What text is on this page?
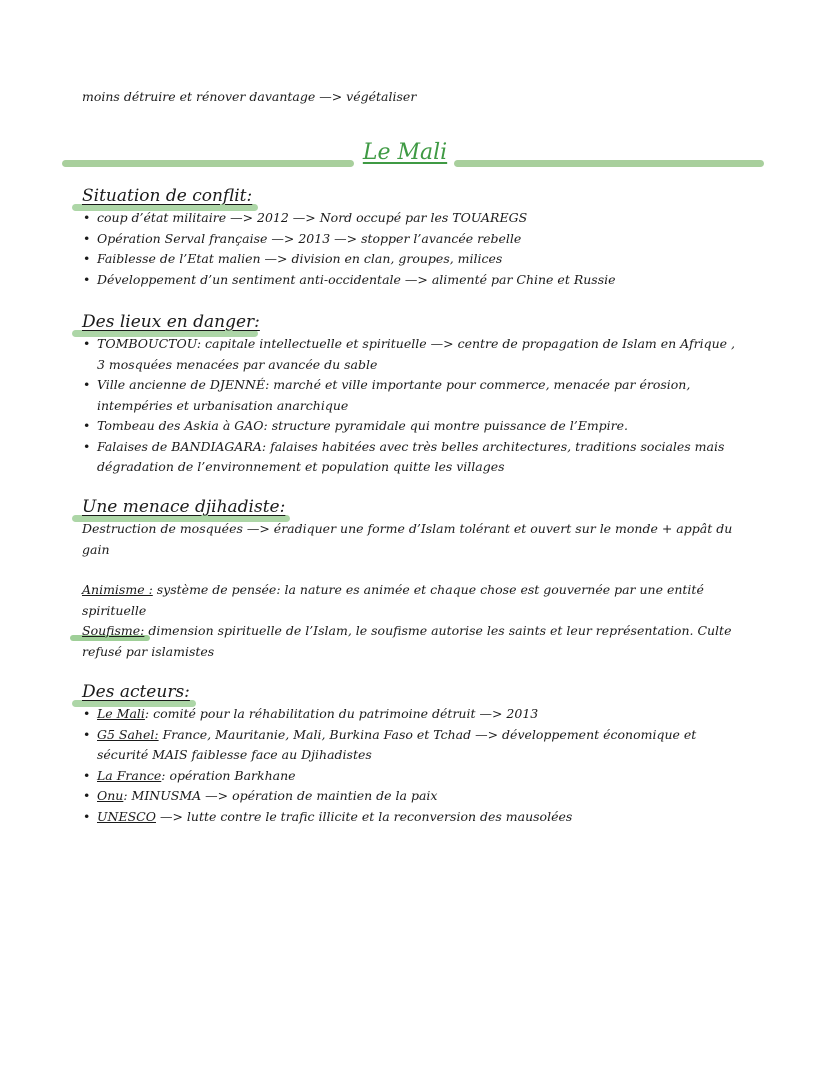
moins détruire et rénover davantage —> végétaliser
Le Mali
Situation de conflit:
• coup d’état militaire —> 2012 —> Nord occupé par les TOUAREGS
• Opération Serval française —> 2013 —> stopper l’avancée rebelle
• Faiblesse de l’Etat malien —> division en clan, groupes, milices
• Développement d’un sentiment anti-occidentale —> alimenté par Chine et Russie
Des lieux en danger:
• TOMBOUCTOU: capitale intellectuelle et spirituelle —> centre de propagation de Islam en Afrique ,
3 mosquées menacées par avancée du sable
• Ville ancienne de DJENNÉ: marché et ville importante pour commerce, menacée par érosion,
intempéries et urbanisation anarchique
• Tombeau des Askia à GAO: structure pyramidale qui montre puissance de l’Empire.
• Falaises de BANDIAGARA: falaises habitées avec très belles architectures, traditions sociales mais
dégradation de l’environnement et population quitte les villages
Une menace djihadiste:
Destruction de mosquées —> éradiquer une forme d’Islam tolérant et ouvert sur le monde + appât du
gain
Animisme : système de pensée: la nature es animée et chaque chose est gouvernée par une entité
spirituelle
Soufisme: dimension spirituelle de l’Islam, le soufisme autorise les saints et leur représentation. Culte
refusé par islamistes
Des acteurs:
• Le Mali: comité pour la réhabilitation du patrimoine détruit —> 2013
• G5 Sahel: France, Mauritanie, Mali, Burkina Faso et Tchad —> développement économique et
sécurité MAIS faiblesse face au Djihadistes
• La France: opération Barkhane
• Onu: MINUSMA —> opération de maintien de la paix
• UNESCO —> lutte contre le trafic illicite et la reconversion des mausolées
